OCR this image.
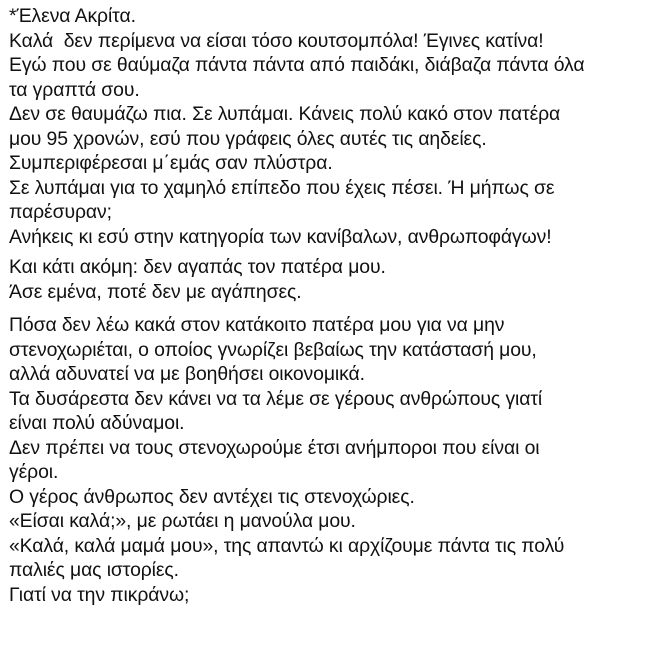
*Έλενα Ακρίτα.
Καλά  δεν περίμενα να είσαι τόσο κουτσομπόλα! Έγινες κατίνα!
Εγώ που σε θαύμαζα πάντα πάντα από παιδάκι, διάβαζα πάντα όλα
τα γραπτά σου.
Δεν σε θαυμάζω πια. Σε λυπάμαι. Κάνεις πολύ κακό στον πατέρα
μου 95 χρονών, εσύ που γράφεις όλες αυτές τις αηδείες.
Συμπεριφέρεσαι μ΄εμάς σαν πλύστρα.
Σε λυπάμαι για το χαμηλό επίπεδο που έχεις πέσει. Ή μήπως σε
παρέσυραν;
Ανήκεις κι εσύ στην κατηγορία των κανίβαλων, ανθρωποφάγων!
Και κάτι ακόμη: δεν αγαπάς τον πατέρα μου.
Άσε εμένα, ποτέ δεν με αγάπησες.
Πόσα δεν λέω κακά στον κατάκοιτο πατέρα μου για να μην
στενοχωριέται, ο οποίος γνωρίζει βεβαίως την κατάστασή μου,
αλλά αδυνατεί να με βοηθήσει οικονομικά.
Τα δυσάρεστα δεν κάνει να τα λέμε σε γέρους ανθρώπους γιατί
είναι πολύ αδύναμοι.
Δεν πρέπει να τους στενοχωρούμε έτσι ανήμποροι που είναι οι
γέροι.
Ο γέρος άνθρωπος δεν αντέχει τις στενοχώριες.
«Είσαι καλά;», με ρωτάει η μανούλα μου.
«Καλά, καλά μαμά μου», της απαντώ κι αρχίζουμε πάντα τις πολύ
παλιές μας ιστορίες.
Γιατί να την πικράνω;
